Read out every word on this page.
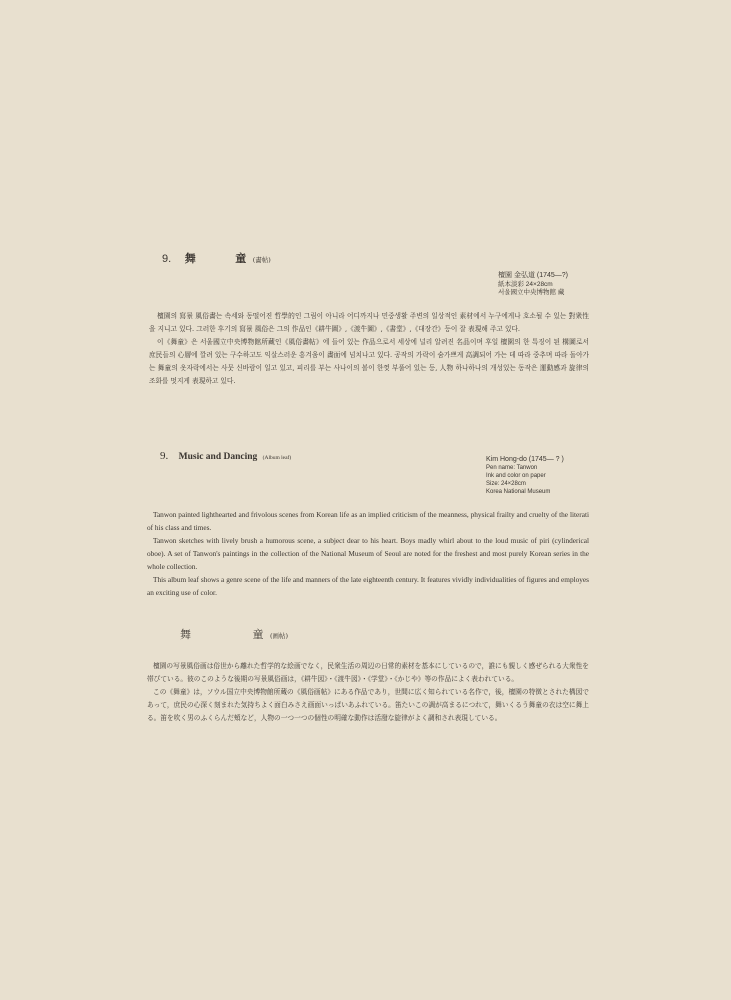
9. 舞	童 (畵帖)
檀園 金弘道 (1745—?)
紙本淡彩 24×28cm
서울國立中央博物館 藏

檀園의 寫景 風俗畵는 속세와 동떨어진 哲學的인 그림이 아니라 어디까지나 민중생활 주변의 일상적인 素材에서 누구에게나 호소될 수 있는 對衆性을 지니고 있다. 그러한 후기의 寫景 風俗은 그의 作品인《耕牛圖》,《渡牛圖》,《書堂》,《대장간》등이 잘 表現해 주고 있다.

이《舞童》은 서울國立中央博物館所藏인《風俗畵帖》에 들어 있는 作品으로서 세상에 널리 알려진 名品이며 후일 檀園의 한 특징이 된 構圖로서 庶民들의 心層에 깔려 있는 구수하고도 익살스러운 흥겨움이 畵面에 넘치나고 있다. 공작의 가락이 숨가쁘게 高調되어 가는 데 따라 중추며 따라 돌아가는 舞童의 옷자락에서는 사뭇 신바람이 일고 있고, 피리를 부는 사나이의 볼이 한껏 부풀어 있는 등, 人物 하나하나의 개성있는 동작은 運動感과 旋律의 조화를 멋지게 表現하고 있다.

9. Music and Dancing (Album leaf)	Kim Hong-do (1745— ? )
Pen name: Tanwon
Ink and color on paper
Size: 24×28cm
Korea National Museum

Tanwon painted lighthearted and frivolous scenes from Korean life as an implied criticism of the meanness, physical frailty and cruelty of the literati of his class and times.

Tanwon sketches with lively brush a humorous scene, a subject dear to his heart. Boys madly whirl about to the loud music of piri (cylinderical oboe). A set of Tanwon's paintings in the collection of the National Museum of Seoul are noted for the freshest and most purely Korean series in the whole collection.

This album leaf shows a genre scene of the life and manners of the late eighteenth century. It features vividly individualities of figures and employes an exciting use of color.

舞	童 (画帖)

檀園の写景風俗画は俗世から離れた哲学的な絵画でなく，民衆生活の周辺の日常的素材を基本にしているので，誰にも親しく感ぜられる大衆性を帯びている。彼のこのような後期の写景風俗画は，《耕牛図》・《渡牛図》・《学堂》・《かじや》等の作品によく表われている。

この《舞童》は，ソウル国立中央博物館所蔵の《風俗画帖》にある作品であり，世間に広く知られている名作で，後，檀園の特徴とされた構図であって，庶民の心深く刻まれた気持ちよく面白みさえ画面いっぱいあふれている。笛たいこの調が高まるにつれて，舞いくるう舞童の衣は空に舞上る。笛を吹く男のふくらんだ頬など，人物の一つ一つの個性の明確な動作は活潑な旋律がよく調和され表現している。
